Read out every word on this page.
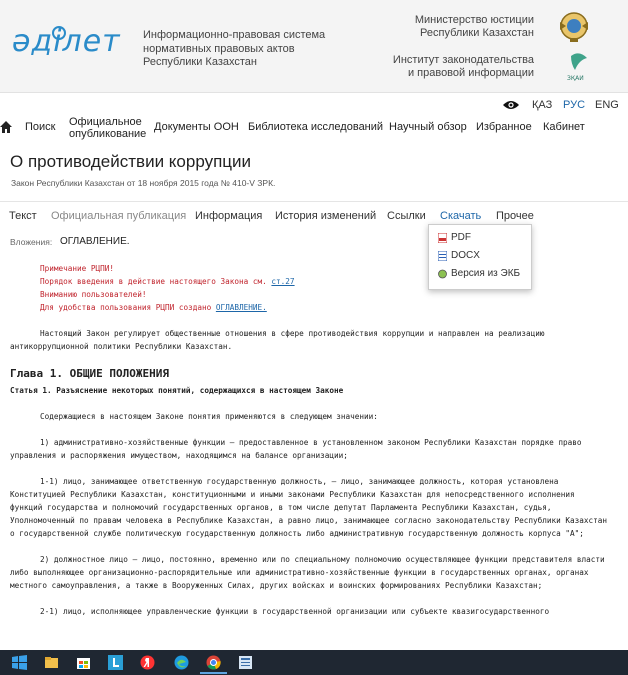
әділет Информационно-правовая система
нормативных правовых актов
Республики Казахстан
Министерство юстиции
Республики Казахстан
Институт законодательства
и правовой информации	ЗҚАИ
ҚАЗ РУС ENG
Поиск Официальное опубликование
Документы ООН Библиотека исследований Научный обзор Избранное Кабинет
О противодействии коррупции
Закон Республики Казахстан от 18 ноября 2015 года № 410-V ЗРК.
Текст Официальная публикация Информация История изменений Ссылки Скачать Прочее
Вложения: ОГЛАВЛЕНИЕ.

Примечание РЦПИ!

Порядок введения в действие настоящего Закона см. ст.27

Вниманию пользователей!

Для удобства пользования РЦПИ создано ОГЛАВЛЕНИЕ.

Настоящий Закон регулирует общественные отношения в сфере противодействия коррупции и направлен на реализацию антикоррупционной политики Республики Казахстан.

Глава 1. ОБЩИЕ ПОЛОЖЕНИЯ

Статья 1. Разъяснение некоторых понятий, содержащихся в настоящем Законе

Содержащиеся в настоящем Законе понятия применяются в следующем значении:

1) административно-хозяйственные функции – предоставленное в установленном законом Республики Казахстан порядке право управления и распоряжения имуществом, находящимся на балансе организации;

1-1) лицо, занимающее ответственную государственную должность, – лицо, занимающее должность, которая установлена Конституцией Республики Казахстан, конституционными и иными законами Республики Казахстан для непосредственного исполнения функций государства и полномочий государственных органов, в том числе депутат Парламента Республики Казахстан, судья, Уполномоченный по правам человека в Республике Казахстан, а равно лицо, занимающее согласно законодательству Республики Казахстан о государственной службе политическую государственную должность либо административную государственную должность корпуса "А";

2) должностное лицо – лицо, постоянно, временно или по специальному полномочию осуществляющее функции представителя власти либо выполняющее организационно-распорядительные или административно-хозяйственные функции в государственных органах, органах местного самоуправления, а также в Вооруженных Силах, других войсках и воинских формированиях Республики Казахстан;

2-1) лицо, исполняющее управленческие функции в государственной организации или субъекте квазигосударственного

PDF
DOCX
Версия из ЭКБ
